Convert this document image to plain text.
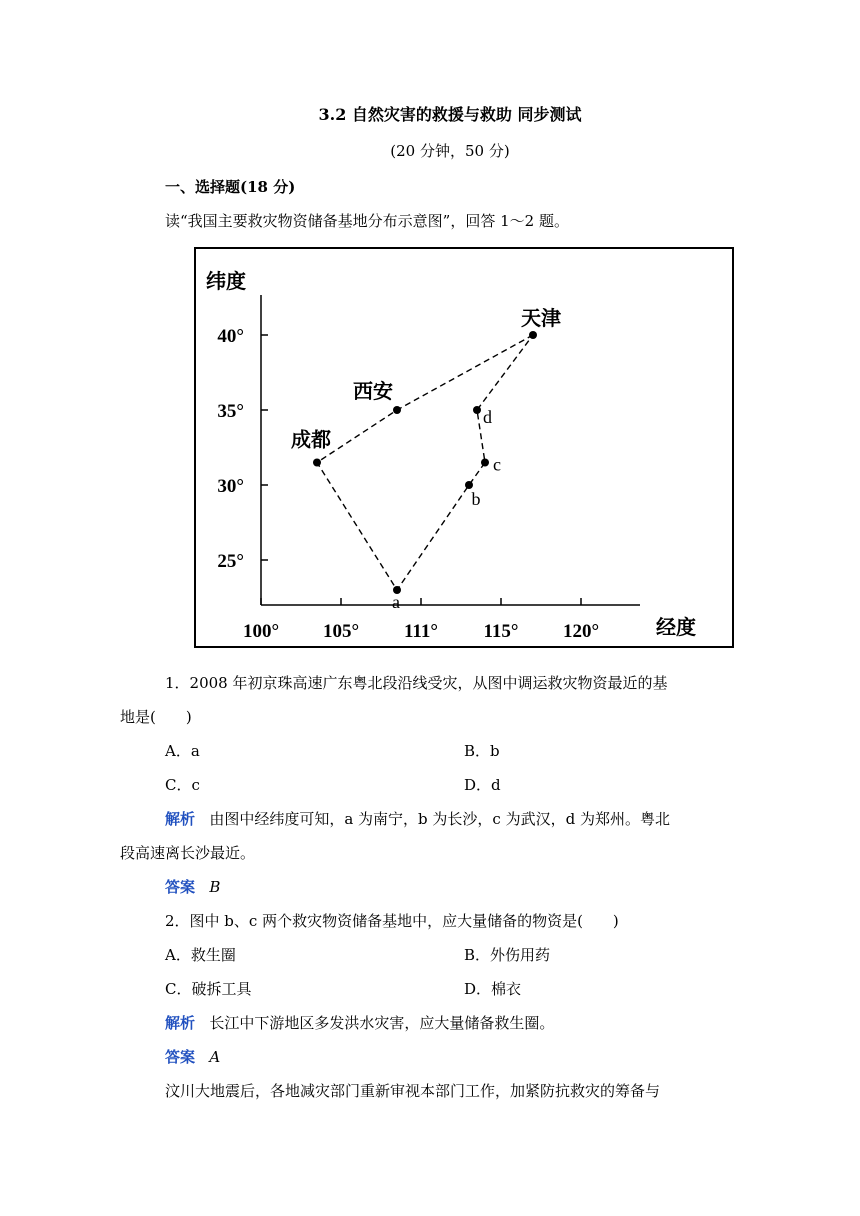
3.2 自然灾害的救援与救助 同步测试
(20 分钟，50 分)
一、选择题(18 分)
读“我国主要救灾物资储备基地分布示意图”，回答 1～2 题。
纬度
经度
100° 105° 111° 115° 120°
40°
35°
30°
25°
天津
西安
成都
a
b
c
d
1．2008 年初京珠高速广东粤北段沿线受灾，从图中调运救灾物资最近的基
地是(　　)
A．a	B．b
C．c	D．d
解析 由图中经纬度可知，a 为南宁，b 为长沙，c 为武汉，d 为郑州。粤北
段高速离长沙最近。
答案 B
2．图中 b、c 两个救灾物资储备基地中，应大量储备的物资是(　　)
A．救生圈	B．外伤用药
C．破拆工具	D．棉衣
解析 长江中下游地区多发洪水灾害，应大量储备救生圈。
答案 A
汶川大地震后，各地减灾部门重新审视本部门工作，加紧防抗救灾的筹备与
